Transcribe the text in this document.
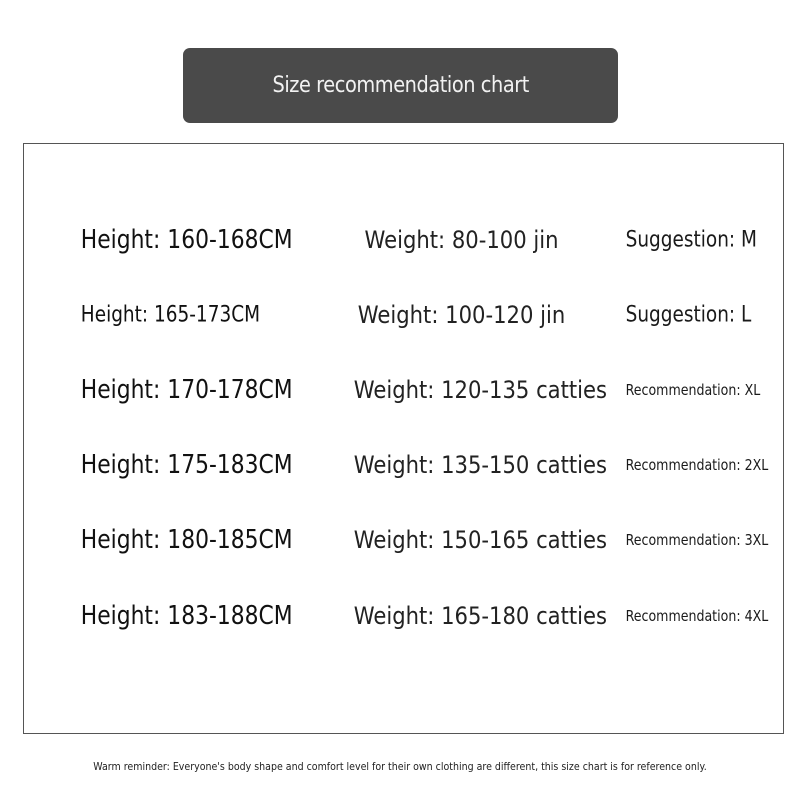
Size recommendation chart
Height: 160-168CM	Weight: 80-100 jin	Suggestion: M
Height: 165-173CM	Weight: 100-120 jin	Suggestion: L
Height: 170-178CM	Weight: 120-135 catties Recommendation: XL
Height: 175-183CM	Weight: 135-150 catties Recommendation: 2XL
Height: 180-185CM	Weight: 150-165 catties Recommendation: 3XL
Height: 183-188CM	Weight: 165-180 catties Recommendation: 4XL
Warm reminder: Everyone's body shape and comfort level for their own clothing are different, this size chart is for reference only.
